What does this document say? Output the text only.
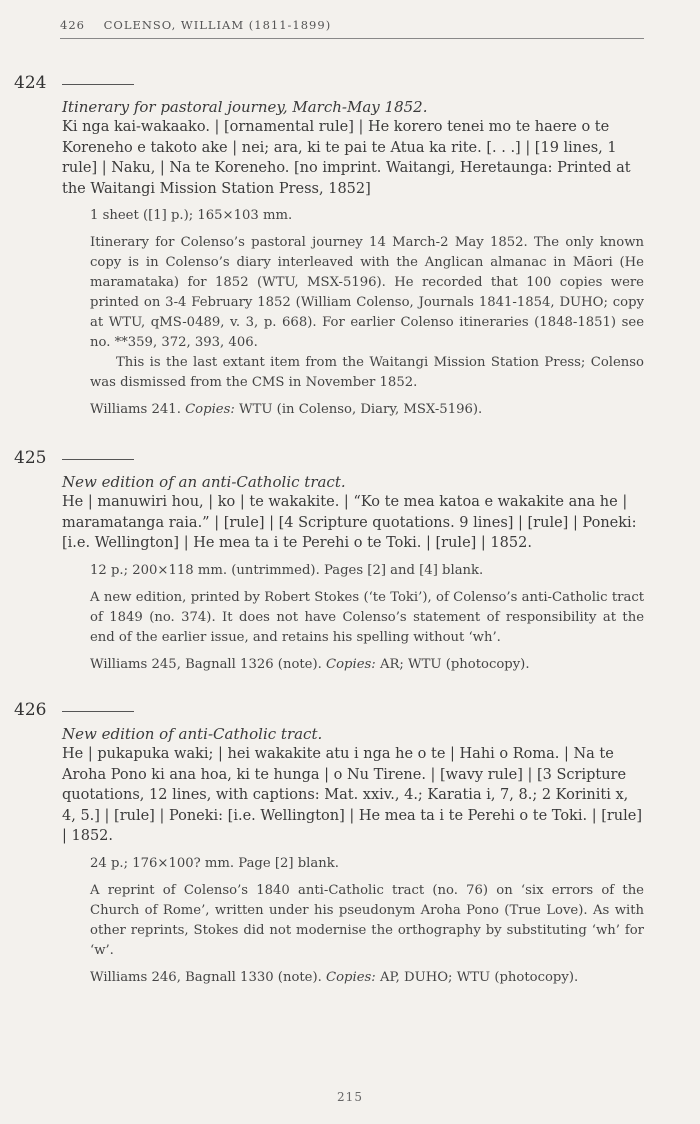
426 COLENSO, WILLIAM (1811-1899)
424
Itinerary for pastoral journey, March-May 1852.
Ki nga kai-wakaako. | [ornamental rule] | He korero tenei mo te haere o te Koreneho e takoto ake | nei; ara, ki te pai te Atua ka rite. [. . .] | [19 lines, 1 rule] | Naku, | Na te Koreneho. [no imprint. Waitangi, Heretaunga: Printed at the Waitangi Mission Station Press, 1852]
1 sheet ([1] p.); 165×103 mm.

Itinerary for Colenso’s pastoral journey 14 March-2 May 1852. The only known copy is in Colenso’s diary interleaved with the Anglican almanac in Māori (He maramataka) for 1852 (WTU, MSX-5196). He recorded that 100 copies were printed on 3-4 February 1852 (William Colenso, Journals 1841-1854, DUHO; copy at WTU, qMS-0489, v. 3, p. 668). For earlier Colenso itineraries (1848-1851) see no. **359, 372, 393, 406.

This is the last extant item from the Waitangi Mission Station Press; Colenso was dismissed from the CMS in November 1852.

Williams 241. Copies: WTU (in Colenso, Diary, MSX-5196).
425
New edition of an anti-Catholic tract.
He | manuwiri hou, | ko | te wakakite. | “Ko te mea katoa e wakakite ana he | maramatanga raia.” | [rule] | [4 Scripture quotations. 9 lines] | [rule] | Poneki: [i.e. Wellington] | He mea ta i te Perehi o te Toki. | [rule] | 1852.
12 p.; 200×118 mm. (untrimmed). Pages [2] and [4] blank.

A new edition, printed by Robert Stokes (‘te Toki’), of Colenso’s anti-Catholic tract of 1849 (no. 374). It does not have Colenso’s statement of responsibility at the end of the earlier issue, and retains his spelling without ‘wh’.

Williams 245, Bagnall 1326 (note). Copies: AR; WTU (photocopy).
426
New edition of anti-Catholic tract.
He | pukapuka waki; | hei wakakite atu i nga he o te | Hahi o Roma. | Na te Aroha Pono ki ana hoa, ki te hunga | o Nu Tirene. | [wavy rule] | [3 Scripture quotations, 12 lines, with captions: Mat. xxiv., 4.; Karatia i, 7, 8.; 2 Koriniti x, 4, 5.] | [rule] | Poneki: [i.e. Wellington] | He mea ta i te Perehi o te Toki. | [rule] | 1852.
24 p.; 176×100? mm. Page [2] blank.

A reprint of Colenso’s 1840 anti-Catholic tract (no. 76) on ‘six errors of the Church of Rome’, written under his pseudonym Aroha Pono (True Love). As with other reprints, Stokes did not modernise the orthography by substituting ‘wh’ for ‘w’.

Williams 246, Bagnall 1330 (note). Copies: AP, DUHO; WTU (photocopy).
215
